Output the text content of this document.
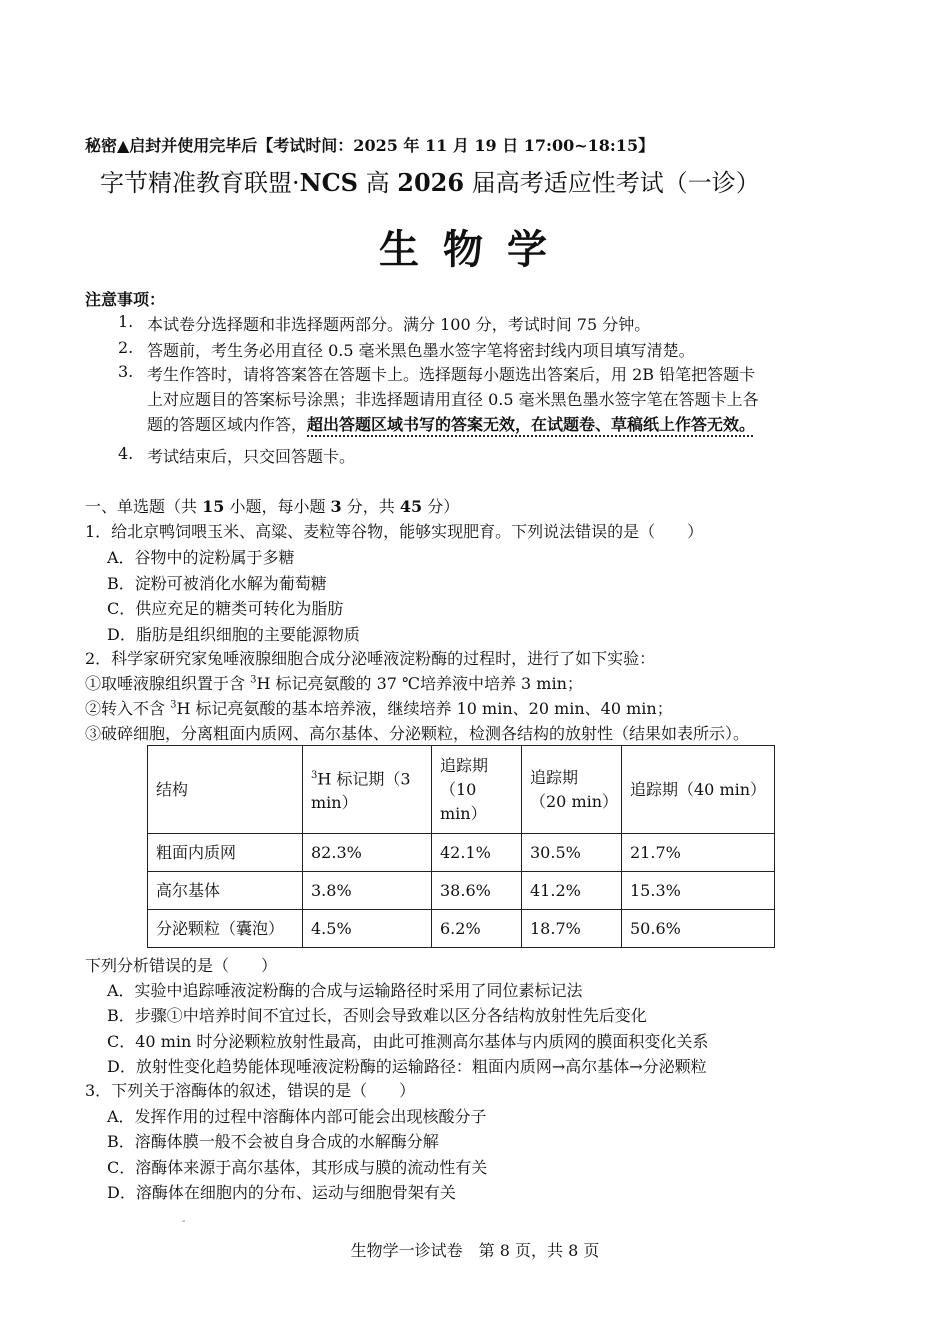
秘密▲启封并使用完毕后【考试时间：2025 年 11 月 19 日 17:00~18:15】
字节精准教育联盟·NCS 高 2026 届高考适应性考试（一诊）
生物学
注意事项：
1. 本试卷分选择题和非选择题两部分。满分 100 分，考试时间 75 分钟。
2. 答题前，考生务必用直径 0.5 毫米黑色墨水签字笔将密封线内项目填写清楚。
3. 考生作答时，请将答案答在答题卡上。选择题每小题选出答案后，用 2B 铅笔把答题卡
上对应题目的答案标号涂黑；非选择题请用直径 0.5 毫米黑色墨水签字笔在答题卡上各
题的答题区域内作答，超出答题区域书写的答案无效，在试题卷、草稿纸上作答无效。
4. 考试结束后，只交回答题卡。
一、单选题（共 15 小题，每小题 3 分，共 45 分）
1．给北京鸭饲喂玉米、高粱、麦粒等谷物，能够实现肥育。下列说法错误的是（　　）
A．谷物中的淀粉属于多糖
B．淀粉可被消化水解为葡萄糖
C．供应充足的糖类可转化为脂肪
D．脂肪是组织细胞的主要能源物质
2．科学家研究家兔唾液腺细胞合成分泌唾液淀粉酶的过程时，进行了如下实验：
①取唾液腺组织置于含 $^3$H 标记亮氨酸的 37 ℃培养液中培养 3 min；
②转入不含 $^3$H 标记亮氨酸的基本培养液，继续培养 10 min、20 min、40 min；
③破碎细胞，分离粗面内质网、高尔基体、分泌颗粒，检测各结构的放射性（结果如表所示）。
结构	$^3$H 标记期（3 min）	追踪期（10 min）	追踪期（20 min）	追踪期（40 min）
粗面内质网	82.3%	42.1%	30.5%	21.7%
高尔基体	3.8%	38.6%	41.2%	15.3%
分泌颗粒（囊泡）	4.5%	6.2%	18.7%	50.6%
下列分析错误的是（　　）
A．实验中追踪唾液淀粉酶的合成与运输路径时采用了同位素标记法
B．步骤①中培养时间不宜过长，否则会导致难以区分各结构放射性先后变化
C．40 min 时分泌颗粒放射性最高，由此可推测高尔基体与内质网的膜面积变化关系
D．放射性变化趋势能体现唾液淀粉酶的运输路径：粗面内质网→高尔基体→分泌颗粒
3．下列关于溶酶体的叙述，错误的是（　　）
A．发挥作用的过程中溶酶体内部可能会出现核酸分子
B．溶酶体膜一般不会被自身合成的水解酶分解
C．溶酶体来源于高尔基体，其形成与膜的流动性有关
D．溶酶体在细胞内的分布、运动与细胞骨架有关
-
生物学一诊试卷　第 8 页，共 8 页
